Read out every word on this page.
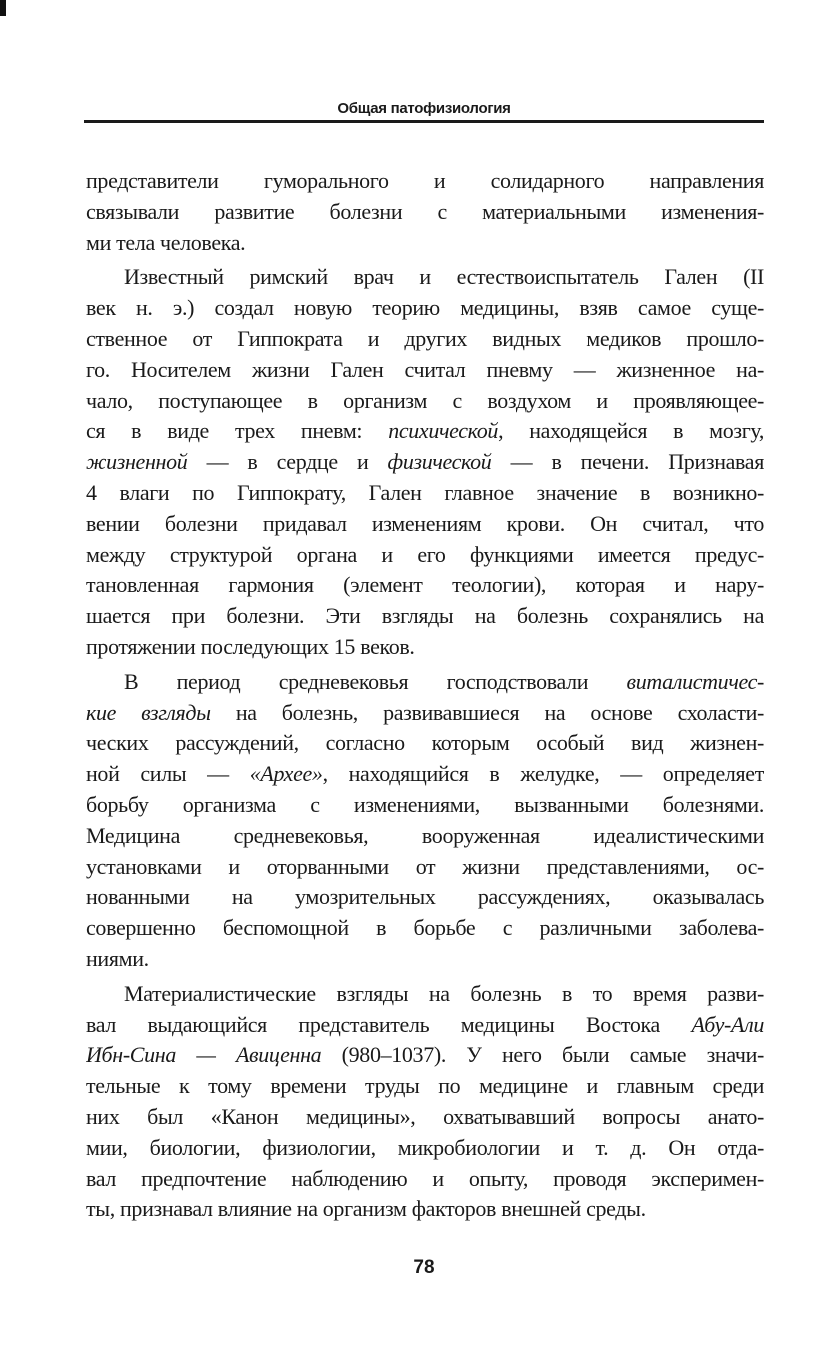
Общая патофизиология
представители гуморального и солидарного направления
связывали развитие болезни с материальными изменения-
ми тела человека.
Известный римский врач и естествоиспытатель Гален (II
век н. э.) создал новую теорию медицины, взяв самое суще-
ственное от Гиппократа и других видных медиков прошло-
го. Носителем жизни Гален считал пневму — жизненное на-
чало, поступающее в организм с воздухом и проявляющее-
ся в виде трех пневм: психической, находящейся в мозгу,
жизненной — в сердце и физической — в печени. Признавая
4 влаги по Гиппократу, Гален главное значение в возникно-
вении болезни придавал изменениям крови. Он считал, что
между структурой органа и его функциями имеется предус-
тановленная гармония (элемент теологии), которая и нару-
шается при болезни. Эти взгляды на болезнь сохранялись на
протяжении последующих 15 веков.
В период средневековья господствовали виталистичес-
кие взгляды на болезнь, развивавшиеся на основе схоласти-
ческих рассуждений, согласно которым особый вид жизнен-
ной силы — «Архее», находящийся в желудке, — определяет
борьбу организма с изменениями, вызванными болезнями.
Медицина средневековья, вооруженная идеалистическими
установками и оторванными от жизни представлениями, ос-
нованными на умозрительных рассуждениях, оказывалась
совершенно беспомощной в борьбе с различными заболева-
ниями.
Материалистические взгляды на болезнь в то время разви-
вал выдающийся представитель медицины Востока Абу-Али
Ибн-Сина — Авиценна (980–1037). У него были самые значи-
тельные к тому времени труды по медицине и главным среди
них был «Канон медицины», охватывавший вопросы анато-
мии, биологии, физиологии, микробиологии и т. д. Он отда-
вал предпочтение наблюдению и опыту, проводя эксперимен-
ты, признавал влияние на организм факторов внешней среды.
78
